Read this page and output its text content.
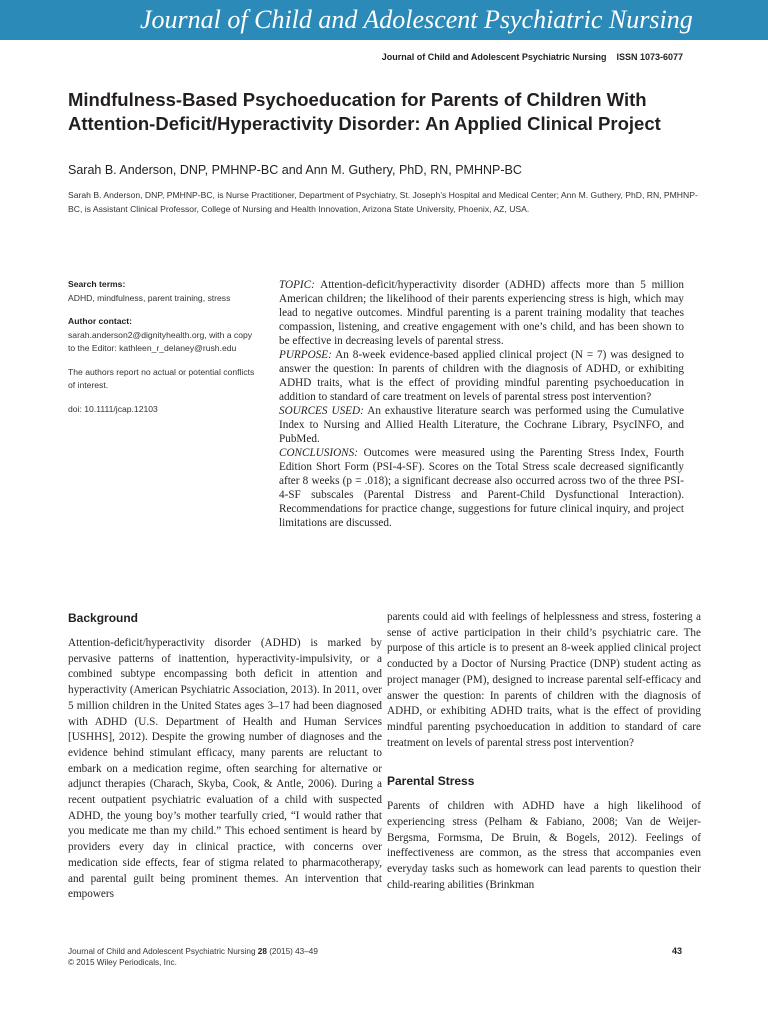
Journal of Child and Adolescent Psychiatric Nursing
Journal of Child and Adolescent Psychiatric Nursing ISSN 1073-6077
Mindfulness-Based Psychoeducation for Parents of Children With Attention-Deficit/Hyperactivity Disorder: An Applied Clinical Project
Sarah B. Anderson, DNP, PMHNP-BC and Ann M. Guthery, PhD, RN, PMHNP-BC
Sarah B. Anderson, DNP, PMHNP-BC, is Nurse Practitioner, Department of Psychiatry, St. Joseph’s Hospital and Medical Center; Ann M. Guthery, PhD, RN, PMHNP-BC, is Assistant Clinical Professor, College of Nursing and Health Innovation, Arizona State University, Phoenix, AZ, USA.
Search terms:
ADHD, mindfulness, parent training, stress
Author contact:
sarah.anderson2@dignityhealth.org, with a copy to the Editor: kathleen_r_delaney@rush.edu
The authors report no actual or potential conflicts of interest.
doi: 10.1111/jcap.12103

TOPIC: Attention-deficit/hyperactivity disorder (ADHD) affects more than 5 million American children; the likelihood of their parents experiencing stress is high, which may lead to negative outcomes. Mindful parenting is a parent training modality that teaches compassion, listening, and creative engagement with one’s child, and has been shown to be effective in decreasing levels of parental stress.

PURPOSE: An 8-week evidence-based applied clinical project (N = 7) was designed to answer the question: In parents of children with the diagnosis of ADHD, or exhibiting ADHD traits, what is the effect of providing mindful parenting psychoeducation in addition to standard of care treatment on levels of parental stress post intervention?

SOURCES USED: An exhaustive literature search was performed using the Cumulative Index to Nursing and Allied Health Literature, the Cochrane Library, PsycINFO, and PubMed.

CONCLUSIONS: Outcomes were measured using the Parenting Stress Index, Fourth Edition Short Form (PSI-4-SF). Scores on the Total Stress scale decreased significantly after 8 weeks (p = .018); a significant decrease also occurred across two of the three PSI-4-SF subscales (Parental Distress and Parent-Child Dysfunctional Interaction). Recommendations for practice change, suggestions for future clinical inquiry, and project limitations are discussed.

Background

Attention-deficit/hyperactivity disorder (ADHD) is marked by pervasive patterns of inattention, hyperactivity-impulsivity, or a combined subtype encompassing both deficit in attention and hyperactivity (American Psychiatric Association, 2013). In 2011, over 5 million children in the United States ages 3–17 had been diagnosed with ADHD (U.S. Department of Health and Human Services [USHHS], 2012). Despite the growing number of diagnoses and the evidence behind stimulant efficacy, many parents are reluctant to embark on a medication regime, often searching for alternative or adjunct therapies (Charach, Skyba, Cook, & Antle, 2006). During a recent outpatient psychiatric evaluation of a child with suspected ADHD, the young boy’s mother tearfully cried, “I would rather that you medicate me than my child.” This echoed sentiment is heard by providers every day in clinical practice, with concerns over medication side effects, fear of stigma related to pharmacotherapy, and parental guilt being prominent themes. An intervention that empowers

parents could aid with feelings of helplessness and stress, fostering a sense of active participation in their child’s psychiatric care. The purpose of this article is to present an 8-week applied clinical project conducted by a Doctor of Nursing Practice (DNP) student acting as project manager (PM), designed to increase parental self-efficacy and answer the question: In parents of children with the diagnosis of ADHD, or exhibiting ADHD traits, what is the effect of providing mindful parenting psychoeducation in addition to standard of care treatment on levels of parental stress post intervention?

Parental Stress

Parents of children with ADHD have a high likelihood of experiencing stress (Pelham & Fabiano, 2008; Van de Weijer-Bergsma, Formsma, De Bruin, & Bogels, 2012). Feelings of ineffectiveness are common, as the stress that accompanies even everyday tasks such as homework can lead parents to question their child-rearing abilities (Brinkman

Journal of Child and Adolescent Psychiatric Nursing 28 (2015) 43–49
© 2015 Wiley Periodicals, Inc.
43
